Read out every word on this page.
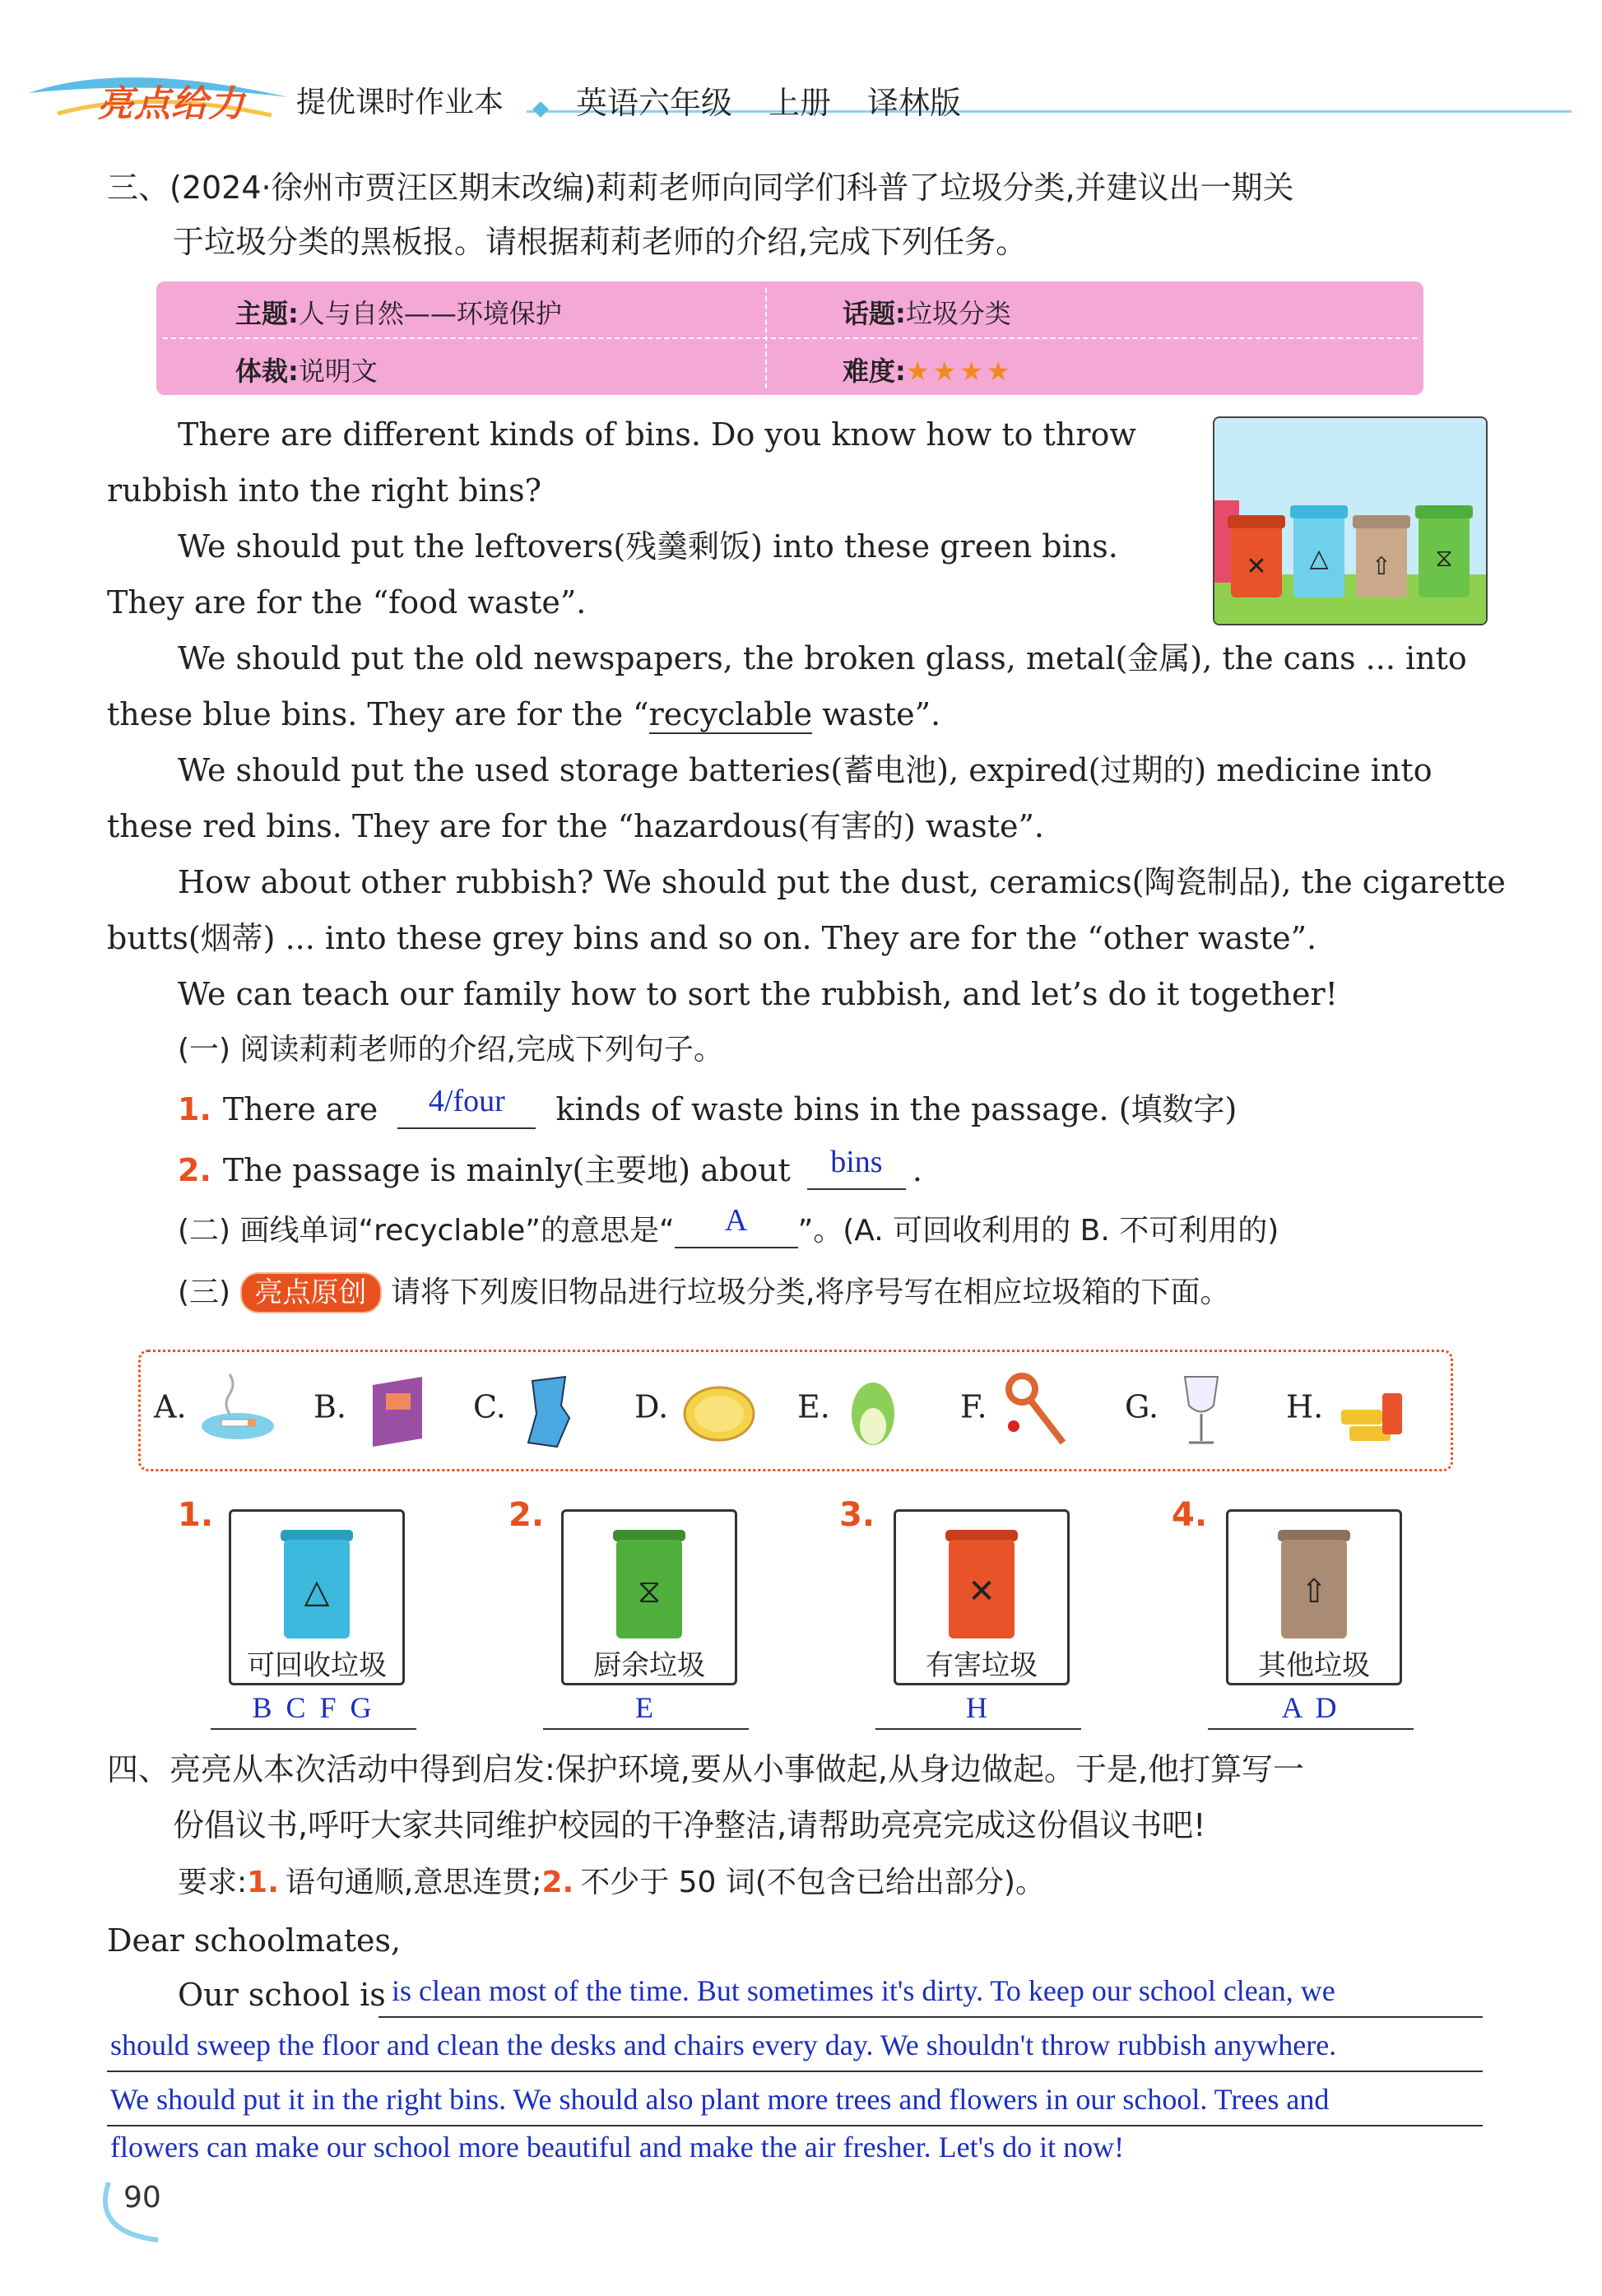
亮点给力 提优课时作业本 英语六年级 上册 译林版
三、(2024·徐州市贾汪区期末改编)莉莉老师向同学们科普了垃圾分类,并建议出一期关
于垃圾分类的黑板报。请根据莉莉老师的介绍,完成下列任务。
主题:人与自然——环境保护	话题:垃圾分类
体裁:说明文	难度:★★★★
✕ △ ⇧ ⧖
There are different kinds of bins. Do you know how to throw
rubbish into the right bins?
We should put the leftovers(残羹剩饭) into these green bins.
They are for the “food waste”.
We should put the old newspapers, the broken glass, metal(金属), the cans ... into
these blue bins. They are for the “recyclable waste”.
We should put the used storage batteries(蓄电池), expired(过期的) medicine into
these red bins. They are for the “hazardous(有害的) waste”.
How about other rubbish? We should put the dust, ceramics(陶瓷制品), the cigarette
butts(烟蒂) ... into these grey bins and so on. They are for the “other waste”.
We can teach our family how to sort the rubbish, and let’s do it together!
(一) 阅读莉莉老师的介绍,完成下列句子。
1. There are	4/four	kinds of waste bins in the passage. (填数字)
2. The passage is mainly(主要地) about	bins .
(二) 画线单词“recyclable”的意思是“	A	”。(A. 可回收利用的 B. 不可利用的)
(三) 亮点原创 请将下列废旧物品进行垃圾分类,将序号写在相应垃圾箱的下面。
A.	B.	C.	D.	E.	F.	G.	H.
1.
△
可回收垃圾
B C F G
2.
⧖
厨余垃圾
E
3.
✕
有害垃圾
H
4.
⇧
其他垃圾
A D
四、亮亮从本次活动中得到启发:保护环境,要从小事做起,从身边做起。于是,他打算写一
份倡议书,呼吁大家共同维护校园的干净整洁,请帮助亮亮完成这份倡议书吧!
要求:1. 语句通顺,意思连贯;2. 不少于 50 词(不包含已给出部分)。
Dear schoolmates,
Our school is is clean most of the time. But sometimes it's dirty. To keep our school clean, we
should sweep the floor and clean the desks and chairs every day. We shouldn't throw rubbish anywhere.
We should put it in the right bins. We should also plant more trees and flowers in our school. Trees and
flowers can make our school more beautiful and make the air fresher. Let's do it now!
90
